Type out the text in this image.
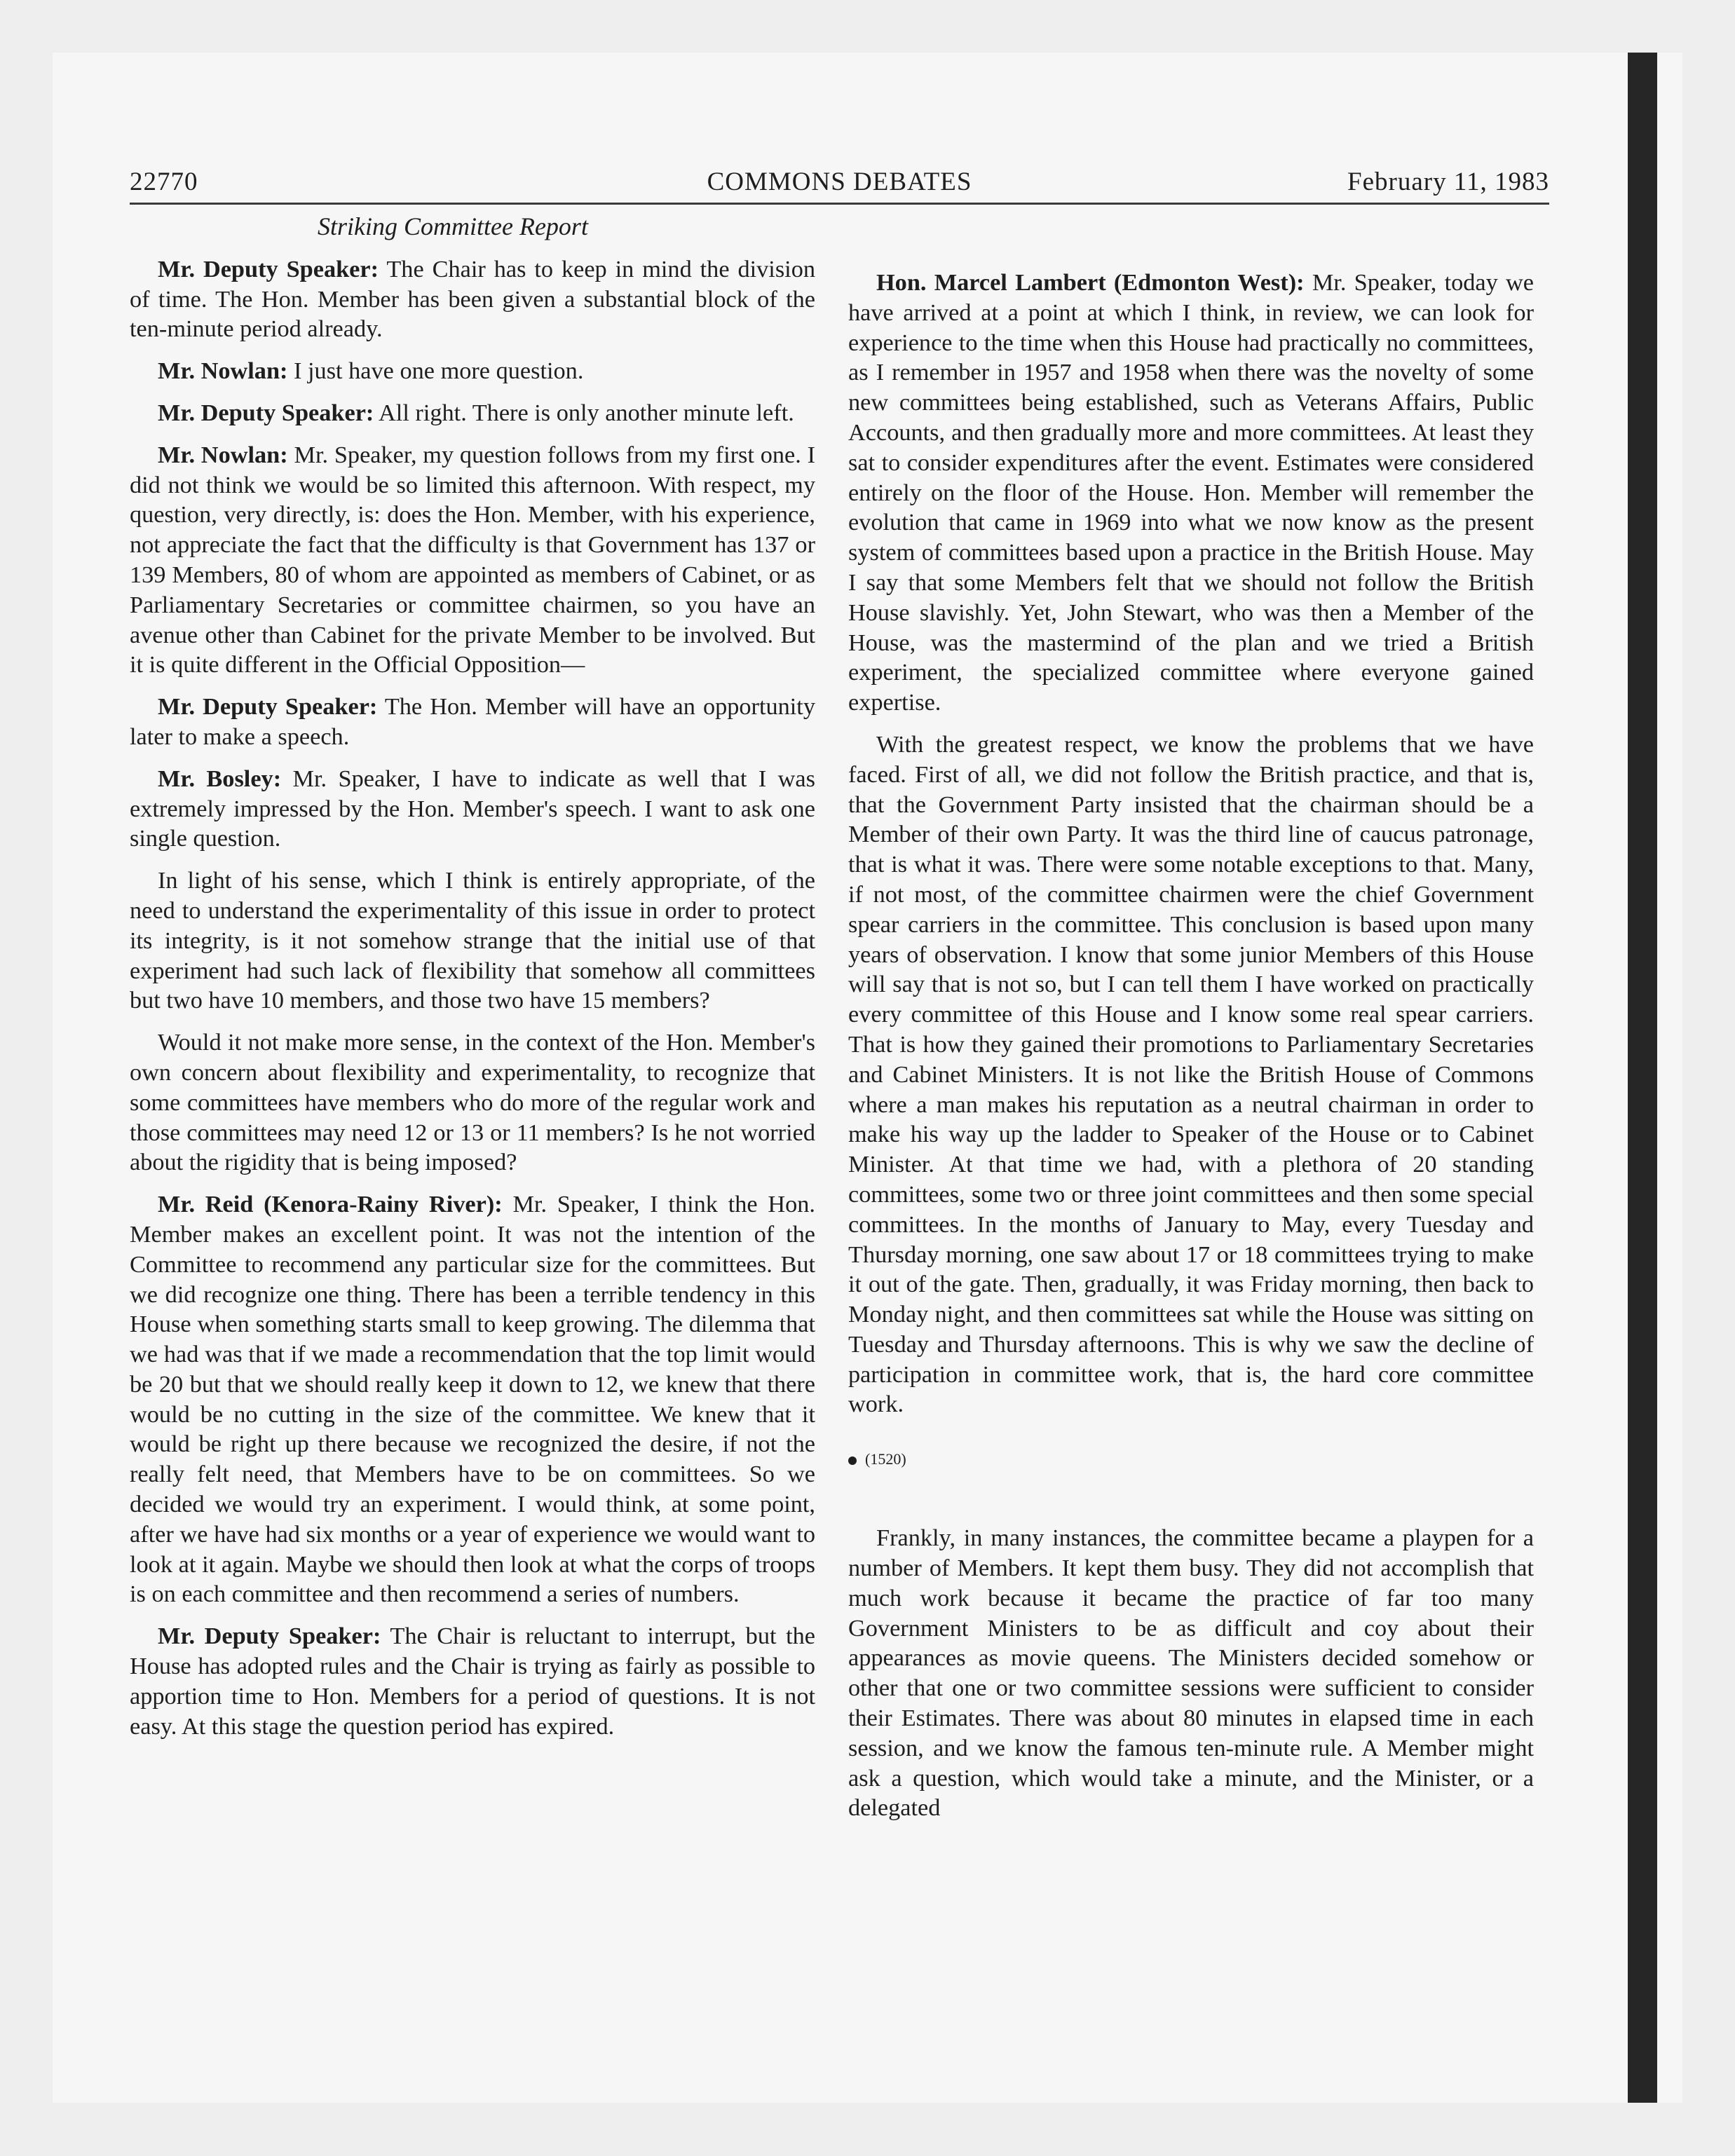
COMMONS DEBATES
22770	February 11, 1983

Striking Committee Report

Mr. Deputy Speaker: The Chair has to keep in mind the division of time. The Hon. Member has been given a substantial block of the ten-minute period already.

Mr. Nowlan: I just have one more question.

Mr. Deputy Speaker: All right. There is only another minute left.

Mr. Nowlan: Mr. Speaker, my question follows from my first one. I did not think we would be so limited this afternoon. With respect, my question, very directly, is: does the Hon. Member, with his experience, not appreciate the fact that the difficulty is that Government has 137 or 139 Members, 80 of whom are appointed as members of Cabinet, or as Parliamentary Secretaries or committee chairmen, so you have an avenue other than Cabinet for the private Member to be involved. But it is quite different in the Official Opposition—

Mr. Deputy Speaker: The Hon. Member will have an opportunity later to make a speech.

Mr. Bosley: Mr. Speaker, I have to indicate as well that I was extremely impressed by the Hon. Member's speech. I want to ask one single question.

In light of his sense, which I think is entirely appropriate, of the need to understand the experimentality of this issue in order to protect its integrity, is it not somehow strange that the initial use of that experiment had such lack of flexibility that somehow all committees but two have 10 members, and those two have 15 members?

Would it not make more sense, in the context of the Hon. Member's own concern about flexibility and experimentality, to recognize that some committees have members who do more of the regular work and those committees may need 12 or 13 or 11 members? Is he not worried about the rigidity that is being imposed?

Mr. Reid (Kenora-Rainy River): Mr. Speaker, I think the Hon. Member makes an excellent point. It was not the intention of the Committee to recommend any particular size for the committees. But we did recognize one thing. There has been a terrible tendency in this House when something starts small to keep growing. The dilemma that we had was that if we made a recommendation that the top limit would be 20 but that we should really keep it down to 12, we knew that there would be no cutting in the size of the committee. We knew that it would be right up there because we recognized the desire, if not the really felt need, that Members have to be on committees. So we decided we would try an experiment. I would think, at some point, after we have had six months or a year of experience we would want to look at it again. Maybe we should then look at what the corps of troops is on each committee and then recommend a series of numbers.

Mr. Deputy Speaker: The Chair is reluctant to interrupt, but the House has adopted rules and the Chair is trying as fairly as possible to apportion time to Hon. Members for a period of questions. It is not easy. At this stage the question period has expired.

Hon. Marcel Lambert (Edmonton West): Mr. Speaker, today we have arrived at a point at which I think, in review, we can look for experience to the time when this House had practically no committees, as I remember in 1957 and 1958 when there was the novelty of some new committees being established, such as Veterans Affairs, Public Accounts, and then gradually more and more committees. At least they sat to consider expenditures after the event. Estimates were considered entirely on the floor of the House. Hon. Member will remember the evolution that came in 1969 into what we now know as the present system of committees based upon a practice in the British House. May I say that some Members felt that we should not follow the British House slavishly. Yet, John Stewart, who was then a Member of the House, was the mastermind of the plan and we tried a British experiment, the specialized committee where everyone gained expertise.

With the greatest respect, we know the problems that we have faced. First of all, we did not follow the British practice, and that is, that the Government Party insisted that the chairman should be a Member of their own Party. It was the third line of caucus patronage, that is what it was. There were some notable exceptions to that. Many, if not most, of the committee chairmen were the chief Government spear carriers in the committee. This conclusion is based upon many years of observation. I know that some junior Members of this House will say that is not so, but I can tell them I have worked on practically every committee of this House and I know some real spear carriers. That is how they gained their promotions to Parliamentary Secretaries and Cabinet Ministers. It is not like the British House of Commons where a man makes his reputation as a neutral chairman in order to make his way up the ladder to Speaker of the House or to Cabinet Minister. At that time we had, with a plethora of 20 standing committees, some two or three joint committees and then some special committees. In the months of January to May, every Tuesday and Thursday morning, one saw about 17 or 18 committees trying to make it out of the gate. Then, gradually, it was Friday morning, then back to Monday night, and then committees sat while the House was sitting on Tuesday and Thursday afternoons. This is why we saw the decline of participation in committee work, that is, the hard core committee work.

(1520)

Frankly, in many instances, the committee became a playpen for a number of Members. It kept them busy. They did not accomplish that much work because it became the practice of far too many Government Ministers to be as difficult and coy about their appearances as movie queens. The Ministers decided somehow or other that one or two committee sessions were sufficient to consider their Estimates. There was about 80 minutes in elapsed time in each session, and we know the famous ten-minute rule. A Member might ask a question, which would take a minute, and the Minister, or a delegated
